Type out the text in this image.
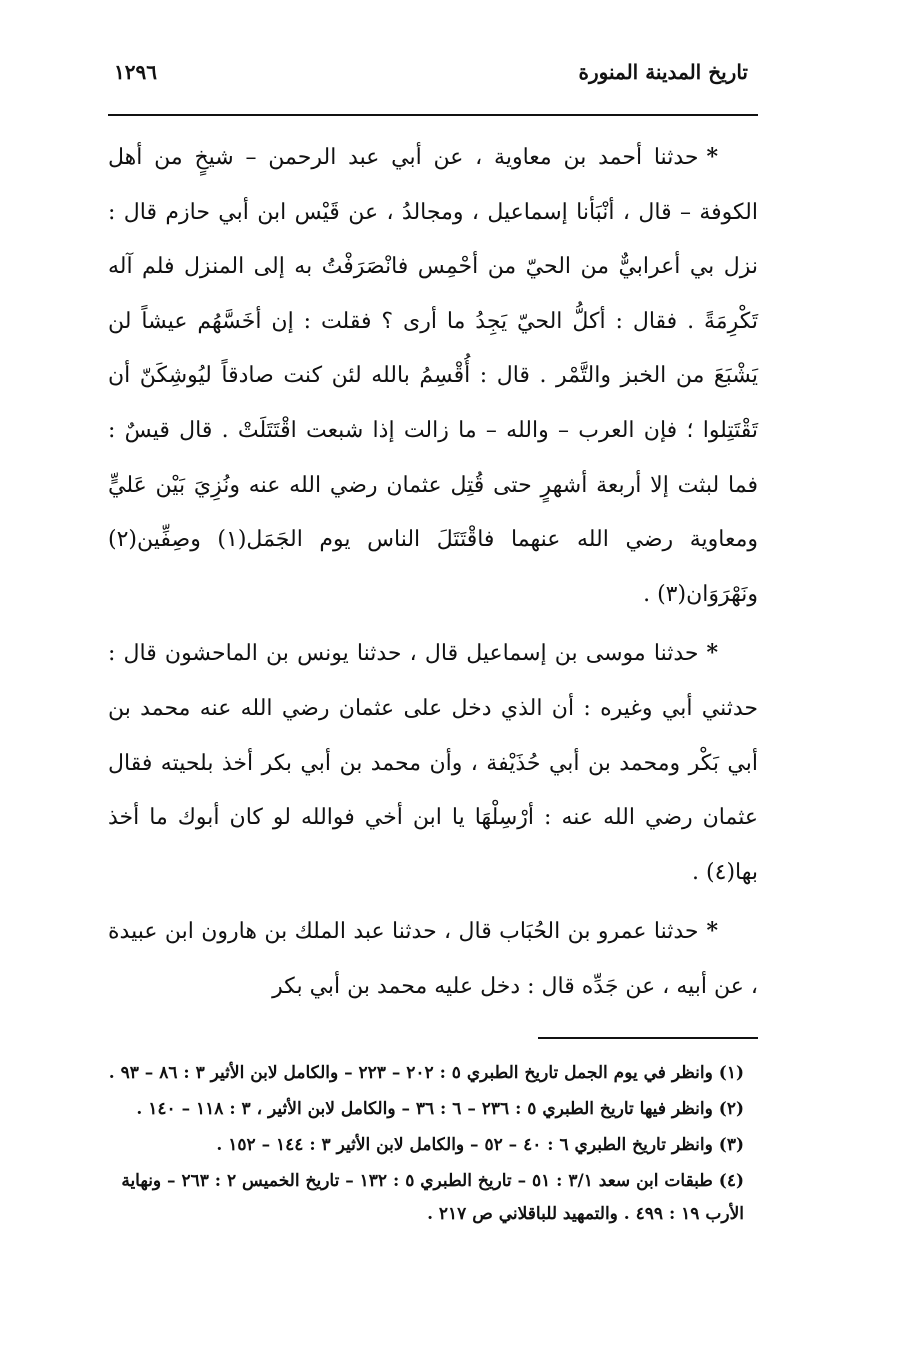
تاريخ المدينة المنورة
١٢٩٦

*حدثنا أحمد بن معاوية ، عن أبي عبد الرحمن – شيخٍ من أهل الكوفة – قال ، أنْبَأنا إسماعيل ، ومجالدُ ، عن قَيْس ابن أبي حازم قال : نزل بي أعرابيٌّ من الحيّ من أحْمِس فانْصَرَفْتُ به إلى المنزل فلم آله تَكْرِمَةً . فقال : أكلُّ الحيّ يَجِدُ ما أرى ؟ فقلت : إن أخَسَّهُم عيشاً لن يَشْبَعَ من الخبز والتَّمْر . قال : أُقْسِمُ بالله لئن كنت صادقاً ليُوشِكَنّ أن تَقْتَتِلوا ؛ فإن العرب – والله – ما زالت إذا شبعت اقْتَتَلَتْ . قال قيسٌ : فما لبثت إلا أربعة أشهرٍ حتى قُتِل عثمان رضي الله عنه ونُزِيَ بَيْن عَليٍّ ومعاوية رضي الله عنهما فاقْتَتَلَ الناس يوم الجَمَل(١) وصِفِّين(٢) ونَهْرَوَان(٣) .

*حدثنا موسى بن إسماعيل قال ، حدثنا يونس بن الماحشون قال : حدثني أبي وغيره : أن الذي دخل على عثمان رضي الله عنه محمد بن أبي بَكْر ومحمد بن أبي حُذَيْفة ، وأن محمد بن أبي بكر أخذ بلحيته فقال عثمان رضي الله عنه : أرْسِلْهَا يا ابن أخي فوالله لو كان أبوك ما أخذ بها(٤) .

*حدثنا عمرو بن الحُبَاب قال ، حدثنا عبد الملك بن هارون ابن عبيدة ، عن أبيه ، عن جَدِّه قال : دخل عليه محمد بن أبي بكر

(١) وانظر في يوم الجمل تاريخ الطبري ٥ : ٢٠٢ – ٢٢٣ – والكامل لابن الأثير ٣ : ٨٦ – ٩٣ .

(٢) وانظر فيها تاريخ الطبري ٥ : ٢٣٦ – ٦ : ٣٦ – والكامل لابن الأثير ، ٣ : ١١٨ – ١٤٠ .

(٣) وانظر تاريخ الطبري ٦ : ٤٠ – ٥٢ – والكامل لابن الأثير ٣ : ١٤٤ – ١٥٢ .

(٤) طبقات ابن سعد ٣/١ : ٥١ – تاريخ الطبري ٥ : ١٣٢ – تاريخ الخميس ٢ : ٢٦٣ – ونهاية الأرب ١٩ : ٤٩٩ . والتمهيد للباقلاني ص ٢١٧ .
